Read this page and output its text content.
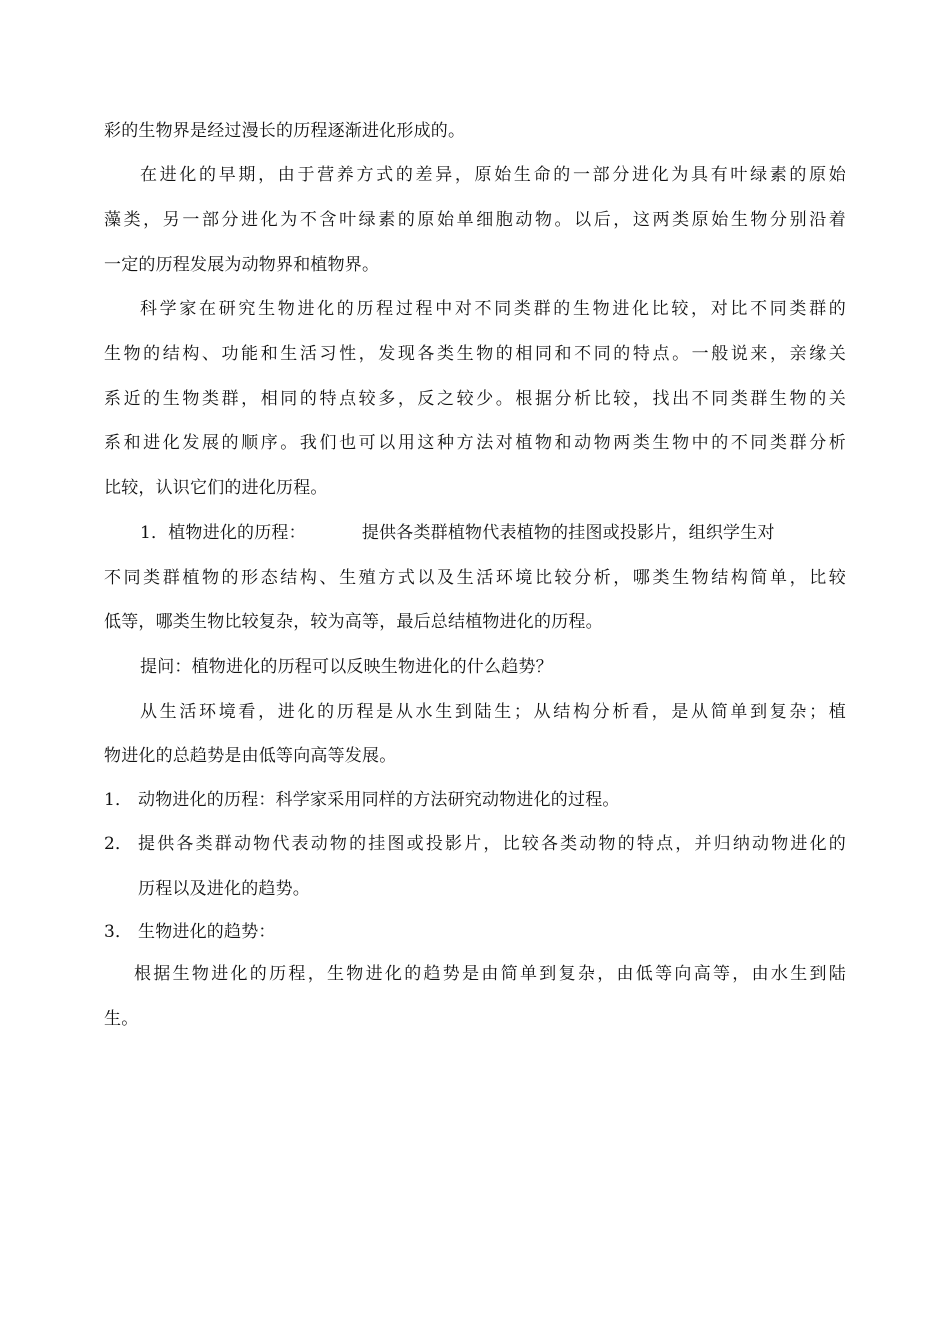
彩的生物界是经过漫长的历程逐渐进化形成的。
在进化的早期，由于营养方式的差异，原始生命的一部分进化为具有叶绿素的原始
藻类，另一部分进化为不含叶绿素的原始单细胞动物。以后，这两类原始生物分别沿着
一定的历程发展为动物界和植物界。
科学家在研究生物进化的历程过程中对不同类群的生物进化比较，对比不同类群的
生物的结构、功能和生活习性，发现各类生物的相同和不同的特点。一般说来，亲缘关
系近的生物类群，相同的特点较多，反之较少。根据分析比较，找出不同类群生物的关
系和进化发展的顺序。我们也可以用这种方法对植物和动物两类生物中的不同类群分析
比较，认识它们的进化历程。
1．植物进化的历程：          提供各类群植物代表植物的挂图或投影片，组织学生对
不同类群植物的形态结构、生殖方式以及生活环境比较分析，哪类生物结构简单，比较
低等，哪类生物比较复杂，较为高等，最后总结植物进化的历程。
提问：植物进化的历程可以反映生物进化的什么趋势？
从生活环境看，进化的历程是从水生到陆生；从结构分析看，是从简单到复杂；植
物进化的总趋势是由低等向高等发展。
1． 动物进化的历程：科学家采用同样的方法研究动物进化的过程。
2． 提供各类群动物代表动物的挂图或投影片，比较各类动物的特点，并归纳动物进化的
历程以及进化的趋势。
3． 生物进化的趋势：
根据生物进化的历程，生物进化的趋势是由简单到复杂，由低等向高等，由水生到陆
生。
